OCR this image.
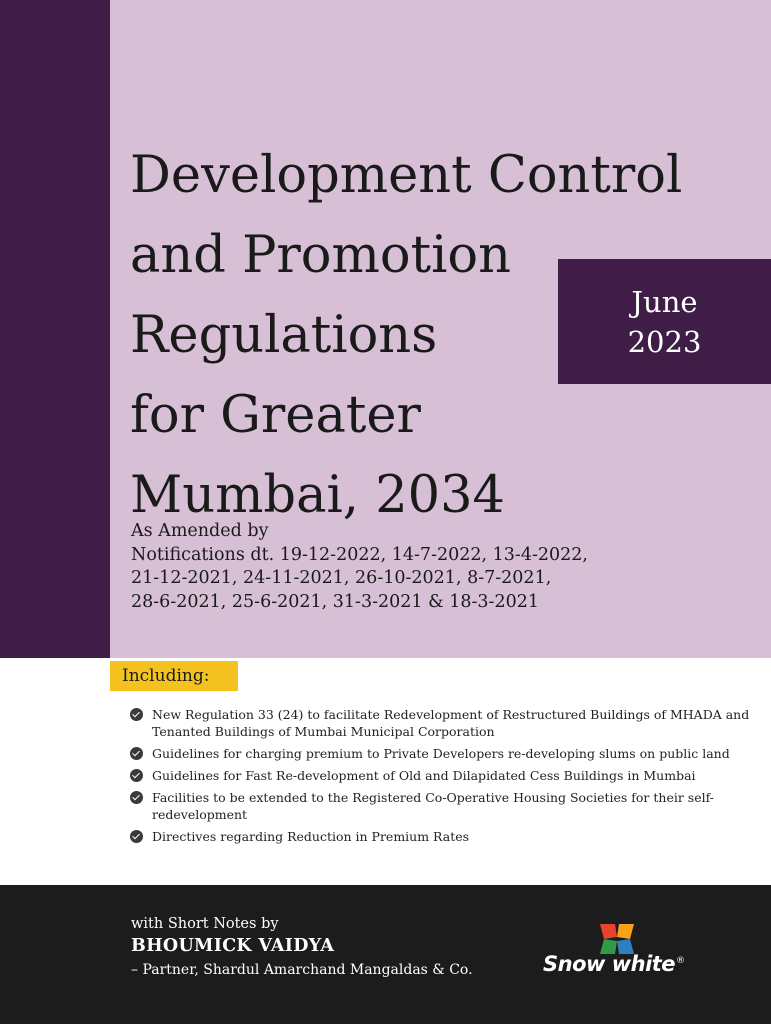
Development Control
and Promotion
Regulations
for Greater
Mumbai, 2034
June
2023
As Amended by
Notifications dt. 19-12-2022, 14-7-2022, 13-4-2022,
21-12-2021, 24-11-2021, 26-10-2021, 8-7-2021,
28-6-2021, 25-6-2021, 31-3-2021 & 18-3-2021
Including:
New Regulation 33 (24) to facilitate Redevelopment of Restructured Buildings of MHADA and Tenanted Buildings of Mumbai Municipal Corporation
Guidelines for charging premium to Private Developers re-developing slums on public land
Guidelines for Fast Re-development of Old and Dilapidated Cess Buildings in Mumbai
Facilities to be extended to the Registered Co-Operative Housing Societies for their self-redevelopment
Directives regarding Reduction in Premium Rates
with Short Notes by
BHOUMICK VAIDYA
– Partner, Shardul Amarchand Mangaldas & Co.	Snow white®
